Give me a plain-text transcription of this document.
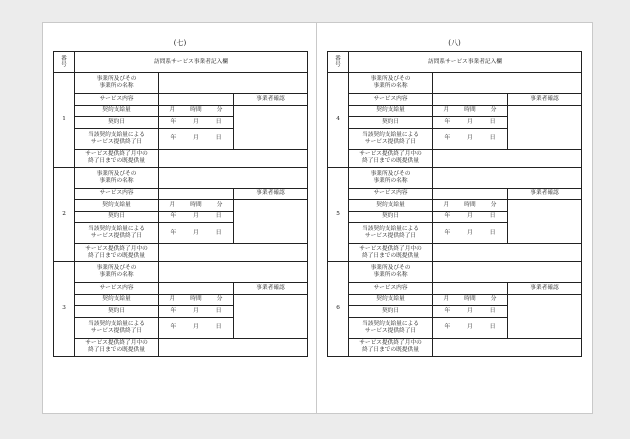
(七)
番
号	訪問系サービス事業者記入欄		
1	事業所及びその
事業所の名称		
	サービス内容		事業者確認
	契約支給量	月 時間 分	

	契約日	年 月 日	

	当該契約支給量による
サービス提供終了日	年 月 日	

	サービス提供終了月中の
終了日までの既提供量		
2	事業所及びその
事業所の名称		
	サービス内容		事業者確認
	契約支給量	月 時間 分	

	契約日	年 月 日	

	当該契約支給量による
サービス提供終了日	年 月 日	

	サービス提供終了月中の
終了日までの既提供量		
3	事業所及びその
事業所の名称		
	サービス内容		事業者確認
	契約支給量	月 時間 分	

	契約日	年 月 日	

	当該契約支給量による
サービス提供終了日	年 月 日	

	サービス提供終了月中の
終了日までの既提供量		
(八)
番
号	訪問系サービス事業者記入欄		
4	事業所及びその
事業所の名称		
	サービス内容		事業者確認
	契約支給量	月 時間 分	

	契約日	年 月 日	

	当該契約支給量による
サービス提供終了日	年 月 日	

	サービス提供終了月中の
終了日までの既提供量		
5	事業所及びその
事業所の名称		
	サービス内容		事業者確認
	契約支給量	月 時間 分	

	契約日	年 月 日	

	当該契約支給量による
サービス提供終了日	年 月 日	

	サービス提供終了月中の
終了日までの既提供量		
6	事業所及びその
事業所の名称		
	サービス内容		事業者確認
	契約支給量	月 時間 分	

	契約日	年 月 日	

	当該契約支給量による
サービス提供終了日	年 月 日	

	サービス提供終了月中の
終了日までの既提供量		
